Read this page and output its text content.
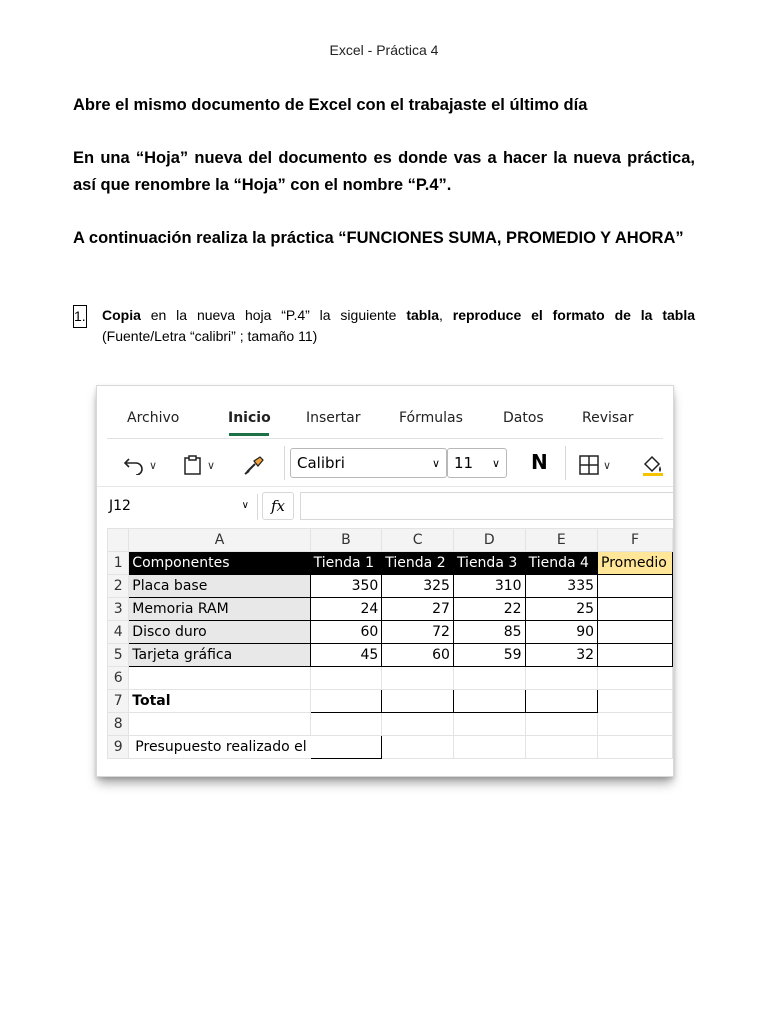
Excel - Práctica 4
Abre el mismo documento de Excel con el trabajaste el último día
En una “Hoja” nueva del documento es donde vas a hacer la nueva práctica, así que renombre la “Hoja” con el nombre “P.4”.
A continuación realiza la práctica “FUNCIONES SUMA, PROMEDIO Y AHORA”
1. Copia en la nueva hoja “P.4” la siguiente tabla, reproduce el formato de la tabla (Fuente/Letra “calibri” ; tamaño 11)
Archivo	Inicio	Insertar	Fórmulas	Datos	Revisar
∨	∨	Calibri	∨ 11 ∨ N	∨
J12	∨	fx
	A	B	C	D	E	F
1	Componentes	Tienda 1	Tienda 2	Tienda 3	Tienda 4	Promedio
2	Placa base	350	325	310	335	
3	Memoria RAM	24	27	22	25	
4	Disco duro	60	72	85	90	
5	Tarjeta gráfica	45	60	59	32	
6						
7	Total					
8						
9	Presupuesto realizado el					
